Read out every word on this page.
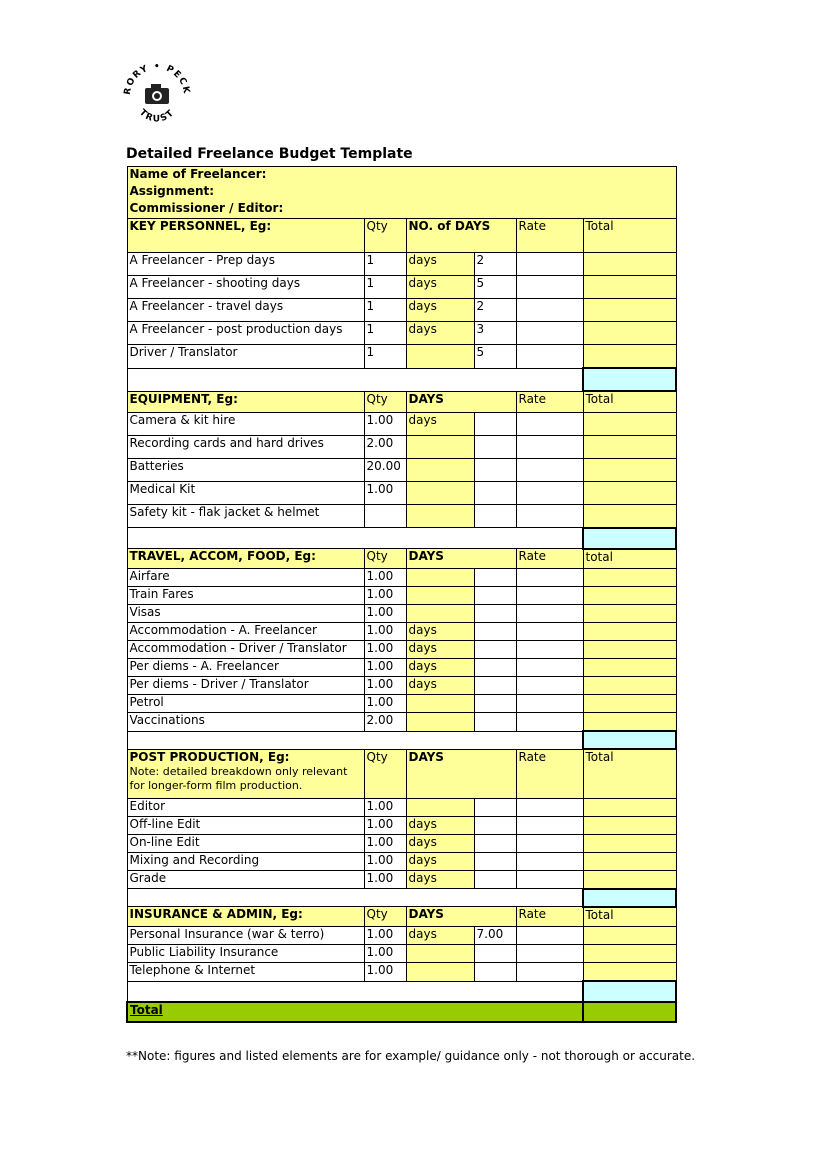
RORY • PECK
TRUST
Detailed Freelance Budget Template
Name of Freelancer:					
Assignment:					
Commissioner / Editor:					
KEY PERSONNEL, Eg:	Qty	NO. of DAYS		Rate	Total
A Freelancer - Prep days	1	days	2		
A Freelancer - shooting days	1	days	5		
A Freelancer - travel days	1	days	2		
A Freelancer - post production days	1	days	3		
Driver / Translator	1		5		

EQUIPMENT, Eg:	Qty	DAYS		Rate	Total
Camera & kit hire	1.00	days			
Recording cards and hard drives	2.00				
Batteries	20.00				
Medical Kit	1.00				
Safety kit - flak jacket & helmet					

TRAVEL, ACCOM, FOOD, Eg:	Qty	DAYS		Rate	total
Airfare	1.00				
Train Fares	1.00				
Visas	1.00				
Accommodation - A. Freelancer	1.00	days			
Accommodation - Driver / Translator	1.00	days			
Per diems - A. Freelancer	1.00	days			
Per diems - Driver / Translator	1.00	days			
Petrol	1.00				
Vaccinations	2.00				

POST PRODUCTION, Eg:
Note: detailed breakdown only relevant for longer-form film production.	Qty	DAYS		Rate	Total
Editor	1.00				
Off-line Edit	1.00	days			
On-line Edit	1.00	days			
Mixing and Recording	1.00	days			
Grade	1.00	days			

INSURANCE & ADMIN, Eg:	Qty	DAYS		Rate	Total
Personal Insurance (war & terro)	1.00	days	7.00		
Public Liability Insurance	1.00				
Telephone & Internet	1.00				

Total					
**Note: figures and listed elements are for example/ guidance only - not thorough or accurate.
